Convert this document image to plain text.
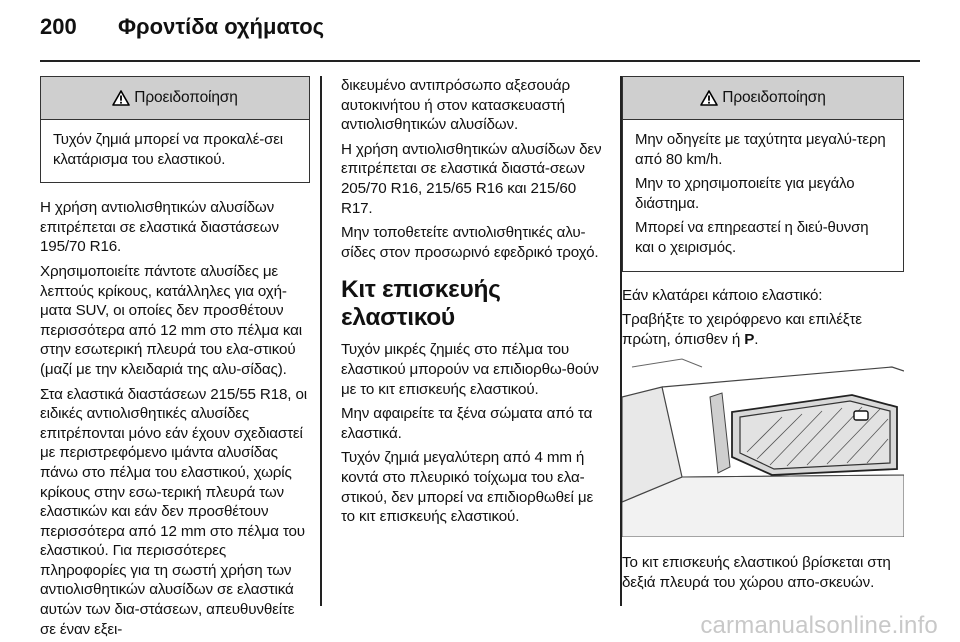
200 Φροντίδα οχήματος
Προειδοποίηση

Τυχόν ζημιά μπορεί να προκαλέ-σει κλατάρισμα του ελαστικού.

Η χρήση αντιολισθητικών αλυσίδων επιτρέπεται σε ελαστικά διαστάσεων 195/70 R16.

Χρησιμοποιείτε πάντοτε αλυσίδες με λεπτούς κρίκους, κατάλληλες για οχή-ματα SUV, οι οποίες δεν προσθέτουν περισσότερα από 12 mm στο πέλμα και στην εσωτερική πλευρά του ελα-στικού (μαζί με την κλειδαριά της αλυ-σίδας).

Στα ελαστικά διαστάσεων 215/55 R18, οι ειδικές αντιολισθητικές αλυσίδες επιτρέπονται μόνο εάν έχουν σχεδιαστεί με περιστρεφόμενο ιμάντα αλυσίδας πάνω στο πέλμα του ελαστικού, χωρίς κρίκους στην εσω-τερική πλευρά των ελαστικών και εάν δεν προσθέτουν περισσότερα από 12 mm στο πέλμα του ελαστικού. Για περισσότερες πληροφορίες για τη σωστή χρήση των αντιολισθητικών αλυσίδων σε ελαστικά αυτών των δια-στάσεων, απευθυνθείτε σε έναν εξει-

δικευμένο αντιπρόσωπο αξεσουάρ αυτοκινήτου ή στον κατασκευαστή αντιολισθητικών αλυσίδων.

Η χρήση αντιολισθητικών αλυσίδων δεν επιτρέπεται σε ελαστικά διαστά-σεων 205/70 R16, 215/65 R16 και 215/60 R17.

Μην τοποθετείτε αντιολισθητικές αλυ-σίδες στον προσωρινό εφεδρικό τροχό.

Κιτ επισκευής ελαστικού

Τυχόν μικρές ζημιές στο πέλμα του ελαστικού μπορούν να επιδιορθω-θούν με το κιτ επισκευής ελαστικού.

Μην αφαιρείτε τα ξένα σώματα από τα ελαστικά.

Τυχόν ζημιά μεγαλύτερη από 4 mm ή κοντά στο πλευρικό τοίχωμα του ελα-στικού, δεν μπορεί να επιδιορθωθεί με το κιτ επισκευής ελαστικού.

Προειδοποίηση

Μην οδηγείτε με ταχύτητα μεγαλύ-τερη από 80 km/h.

Μην το χρησιμοποιείτε για μεγάλο διάστημα.

Μπορεί να επηρεαστεί η διεύ-θυνση και ο χειρισμός.

Εάν κλατάρει κάποιο ελαστικό:

Τραβήξτε το χειρόφρενο και επιλέξτε πρώτη, όπισθεν ή P.

Το κιτ επισκευής ελαστικού βρίσκεται στη δεξιά πλευρά του χώρου απο-σκευών.

carmanualsonline.info
